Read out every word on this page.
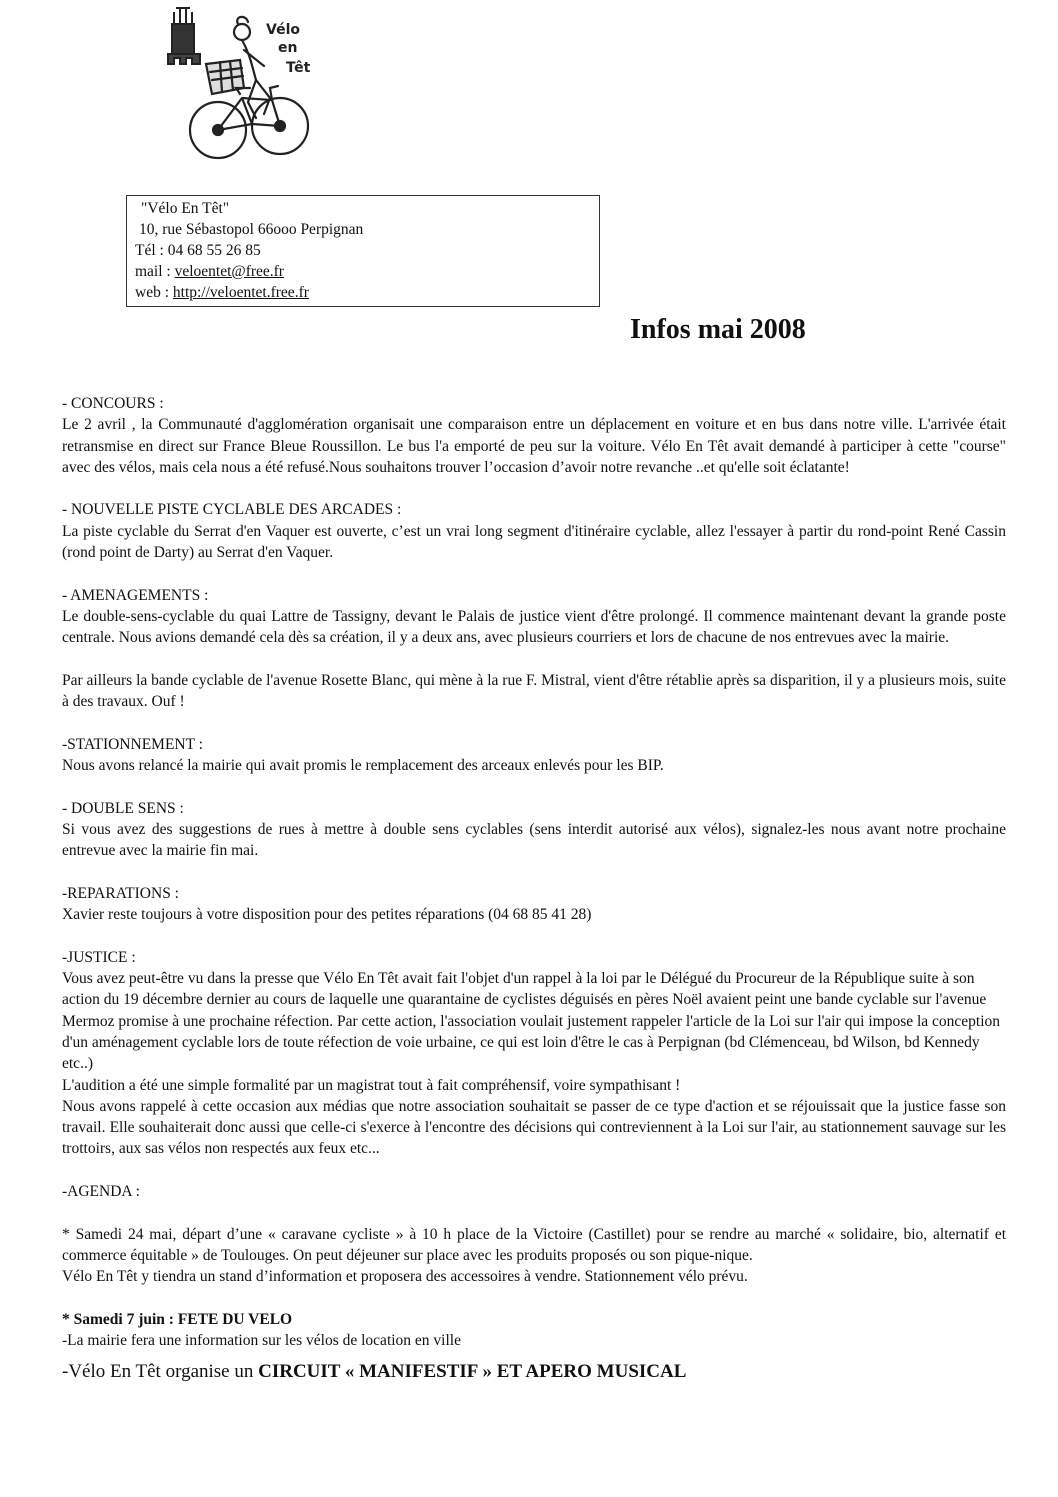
Vélo
en
Têt
"Vélo En Têt"
10, rue Sébastopol 66ooo Perpignan
Tél : 04 68 55 26 85
mail : veloentet@free.fr
web : http://veloentet.free.fr
Infos mai 2008

- CONCOURS :

Le 2 avril , la Communauté d'agglomération organisait une comparaison entre un déplacement en voiture et en bus dans notre ville. L'arrivée était retransmise en direct sur France Bleue Roussillon. Le bus l'a emporté de peu sur la voiture. Vélo En Têt avait demandé à participer à cette "course" avec des vélos, mais cela nous a été refusé.Nous souhaitons trouver l’occasion d’avoir notre revanche ..et qu'elle soit éclatante!

- NOUVELLE PISTE CYCLABLE DES ARCADES :

La piste cyclable du Serrat d'en Vaquer est ouverte, c’est un vrai long segment d'itinéraire cyclable, allez l'essayer à partir du rond-point René Cassin (rond point de Darty) au Serrat d'en Vaquer.

- AMENAGEMENTS :

Le double-sens-cyclable du quai Lattre de Tassigny, devant le Palais de justice vient d'être prolongé. Il commence maintenant devant la grande poste centrale. Nous avions demandé cela dès sa création, il y a deux ans, avec plusieurs courriers et lors de chacune de nos entrevues avec la mairie.

Par ailleurs la bande cyclable de l'avenue Rosette Blanc, qui mène à la rue F. Mistral, vient d'être rétablie après sa disparition, il y a plusieurs mois, suite à des travaux. Ouf !

-STATIONNEMENT :

Nous avons relancé la mairie qui avait promis le remplacement des arceaux enlevés pour les BIP.

- DOUBLE SENS :

Si vous avez des suggestions de rues à mettre à double sens cyclables (sens interdit autorisé aux vélos), signalez-les nous avant notre prochaine entrevue avec la mairie fin mai.

-REPARATIONS :

Xavier reste toujours à votre disposition pour des petites réparations (04 68 85 41 28)

-JUSTICE :

Vous avez peut-être vu dans la presse que Vélo En Têt avait fait l'objet d'un rappel à la loi par le Délégué du Procureur de la République suite à son action du 19 décembre dernier au cours de laquelle une quarantaine de cyclistes déguisés en pères Noël avaient peint une bande cyclable sur l'avenue Mermoz promise à une prochaine réfection. Par cette action, l'association voulait justement rappeler l'article de la Loi sur l'air qui impose la conception d'un aménagement cyclable lors de toute réfection de voie urbaine, ce qui est loin d'être le cas à Perpignan (bd Clémenceau, bd Wilson, bd Kennedy etc..)

L'audition a été une simple formalité par un magistrat tout à fait compréhensif, voire sympathisant !

Nous avons rappelé à cette occasion aux médias que notre association souhaitait se passer de ce type d'action et se réjouissait que la justice fasse son travail. Elle souhaiterait donc aussi que celle-ci s'exerce à l'encontre des décisions qui contreviennent à la Loi sur l'air, au stationnement sauvage sur les trottoirs, aux sas vélos non respectés aux feux etc...

-AGENDA :

* Samedi 24 mai, départ d’une « caravane cycliste » à 10 h place de la Victoire (Castillet) pour se rendre au marché « solidaire, bio, alternatif et commerce équitable » de Toulouges. On peut déjeuner sur place avec les produits proposés ou son pique-nique.

Vélo En Têt y tiendra un stand d’information et proposera des accessoires à vendre. Stationnement vélo prévu.

* Samedi 7 juin : FETE DU VELO

-La mairie fera une information sur les vélos de location en ville

-Vélo En Têt organise un CIRCUIT « MANIFESTIF » ET APERO MUSICAL
